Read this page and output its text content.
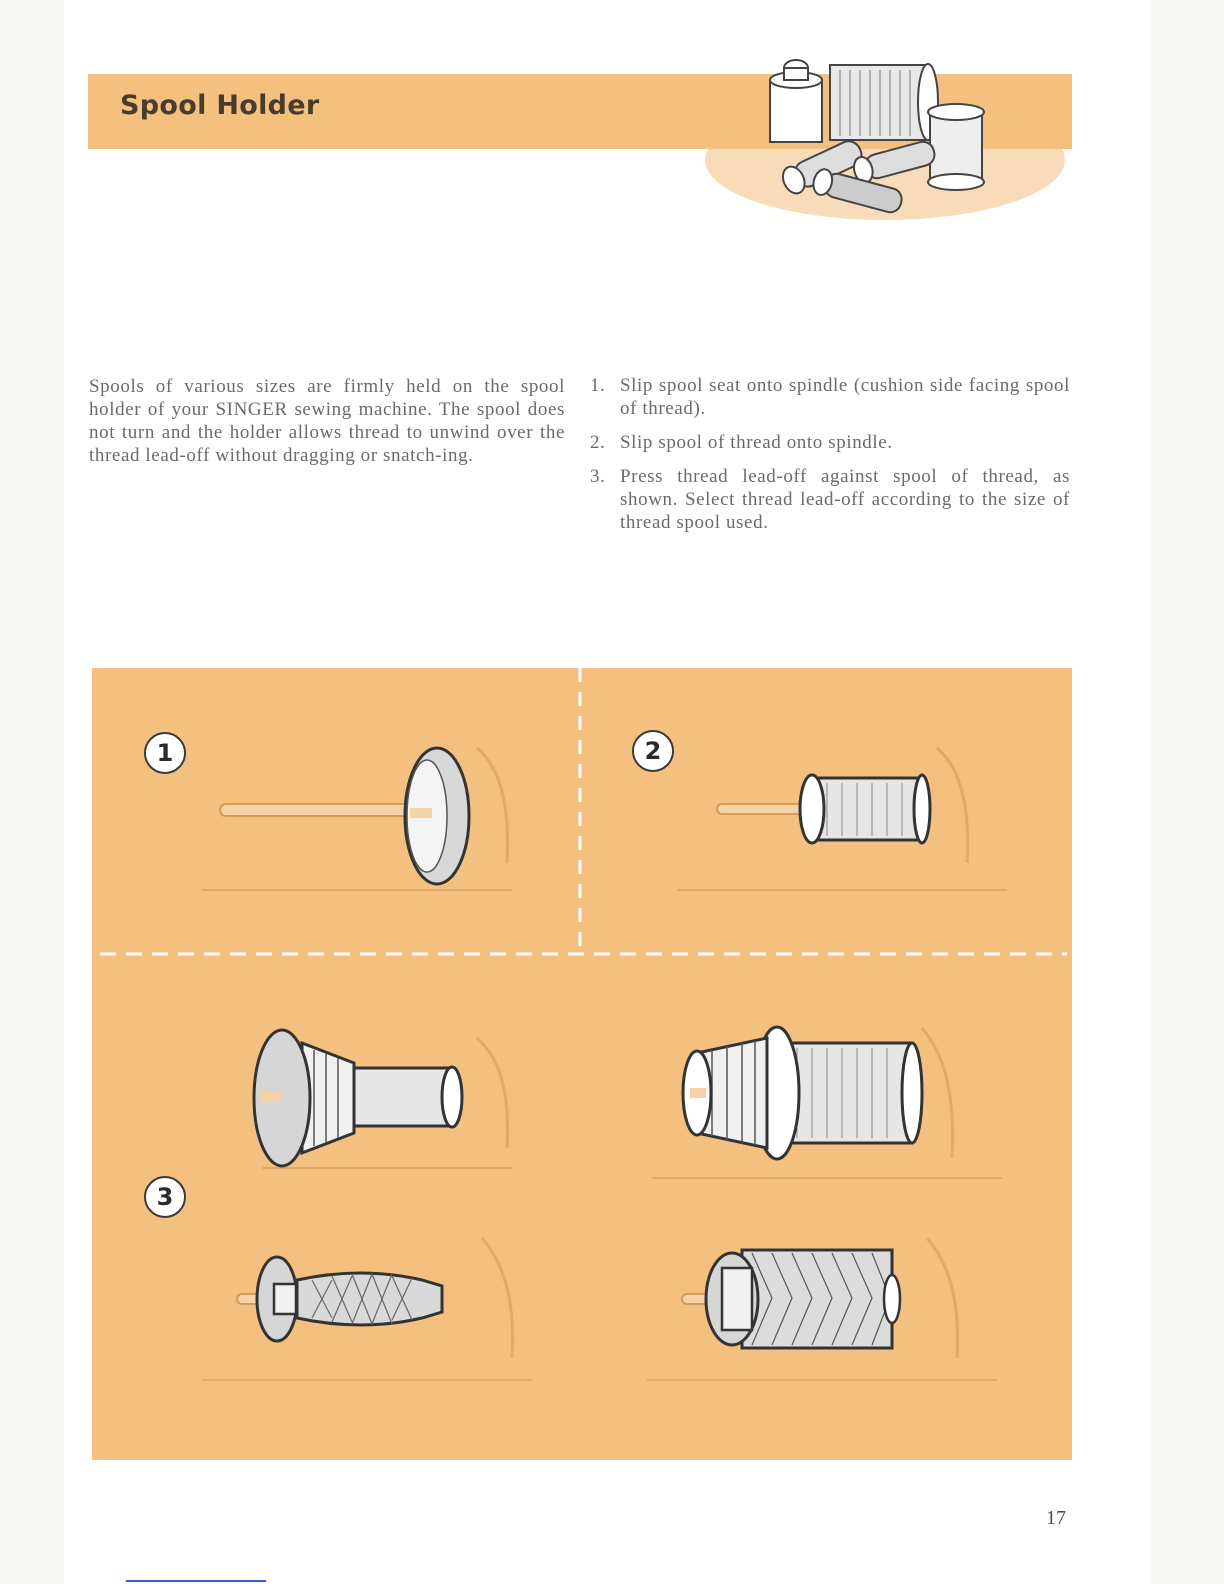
Spool Holder
Spools of various sizes are firmly held on the spool holder of your SINGER sewing machine. The spool does not turn and the holder allows thread to unwind over the thread lead-off without dragging or snatch-ing.
1. Slip spool seat onto spindle (cushion side facing spool of thread).
2. Slip spool of thread onto spindle.
3. Press thread lead-off against spool of thread, as shown. Select thread lead-off according to the size of thread spool used.
1	2
3
17
